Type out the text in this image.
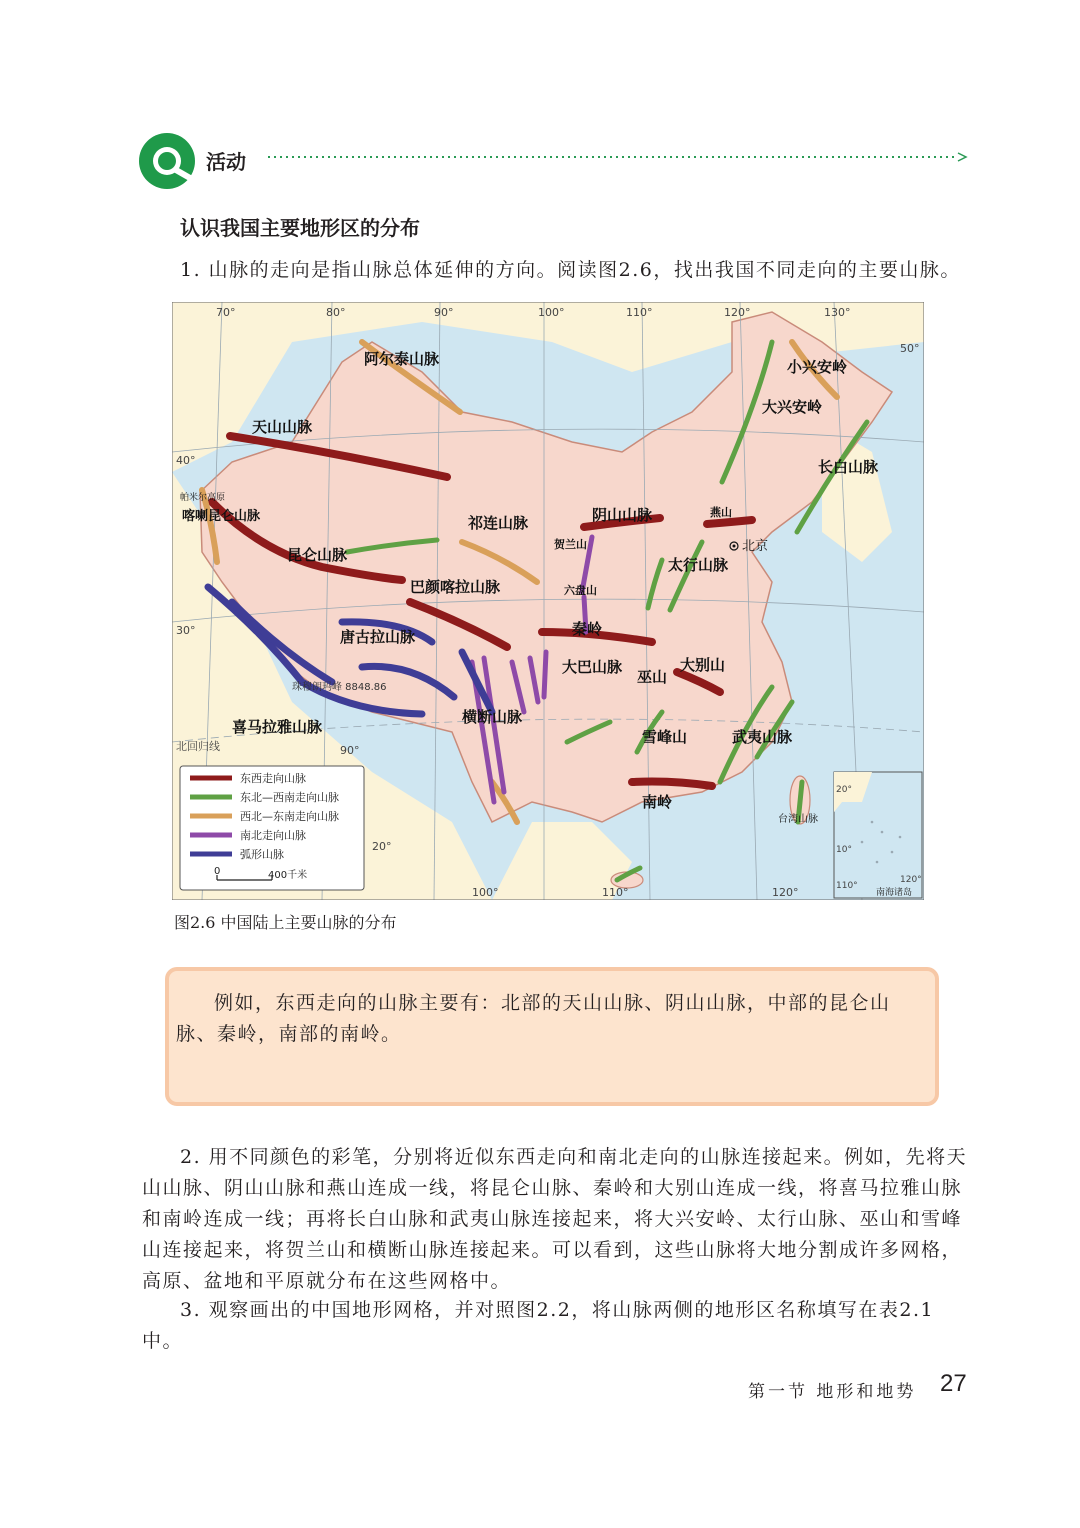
活动
认识我国主要地形区的分布
1. 山脉的走向是指山脉总体延伸的方向。阅读图2.6，找出我国不同走向的主要山脉。
70°	80°	90°	100°	110°	120°	130°
50°
40°
30°
20°
北回归线	90°
100°	110°	120°
阿尔泰山脉
天山山脉
帕米尔高原
喀喇昆仑山脉
昆仑山脉
祁连山脉
巴颜喀拉山脉
唐古拉山脉
喜马拉雅山脉
横断山脉
贺兰山
六盘山
阴山山脉	燕山
太行山脉
秦岭
大巴山脉
巫山
大别山
雪峰山
南岭
武夷山脉
大兴安岭
小兴安岭
长白山脉
台湾山脉
北京
珠穆朗玛峰 8848.86
东西走向山脉
东北—西南走向山脉
西北—东南走向山脉
南北走向山脉
弧形山脉
0	400千米
20°
10°
110°
120°
南海诸岛
图2.6 中国陆上主要山脉的分布
例如，东西走向的山脉主要有：北部的天山山脉、阴山山脉，中部的昆仑山脉、秦岭，南部的南岭。
2. 用不同颜色的彩笔，分别将近似东西走向和南北走向的山脉连接起来。例如，先将天山山脉、阴山山脉和燕山连成一线，将昆仑山脉、秦岭和大别山连成一线，将喜马拉雅山脉和南岭连成一线；再将长白山脉和武夷山脉连接起来，将大兴安岭、太行山脉、巫山和雪峰山连接起来，将贺兰山和横断山脉连接起来。可以看到，这些山脉将大地分割成许多网格，高原、盆地和平原就分布在这些网格中。
3. 观察画出的中国地形网格，并对照图2.2，将山脉两侧的地形区名称填写在表2.1中。
第一节 地形和地势 27
